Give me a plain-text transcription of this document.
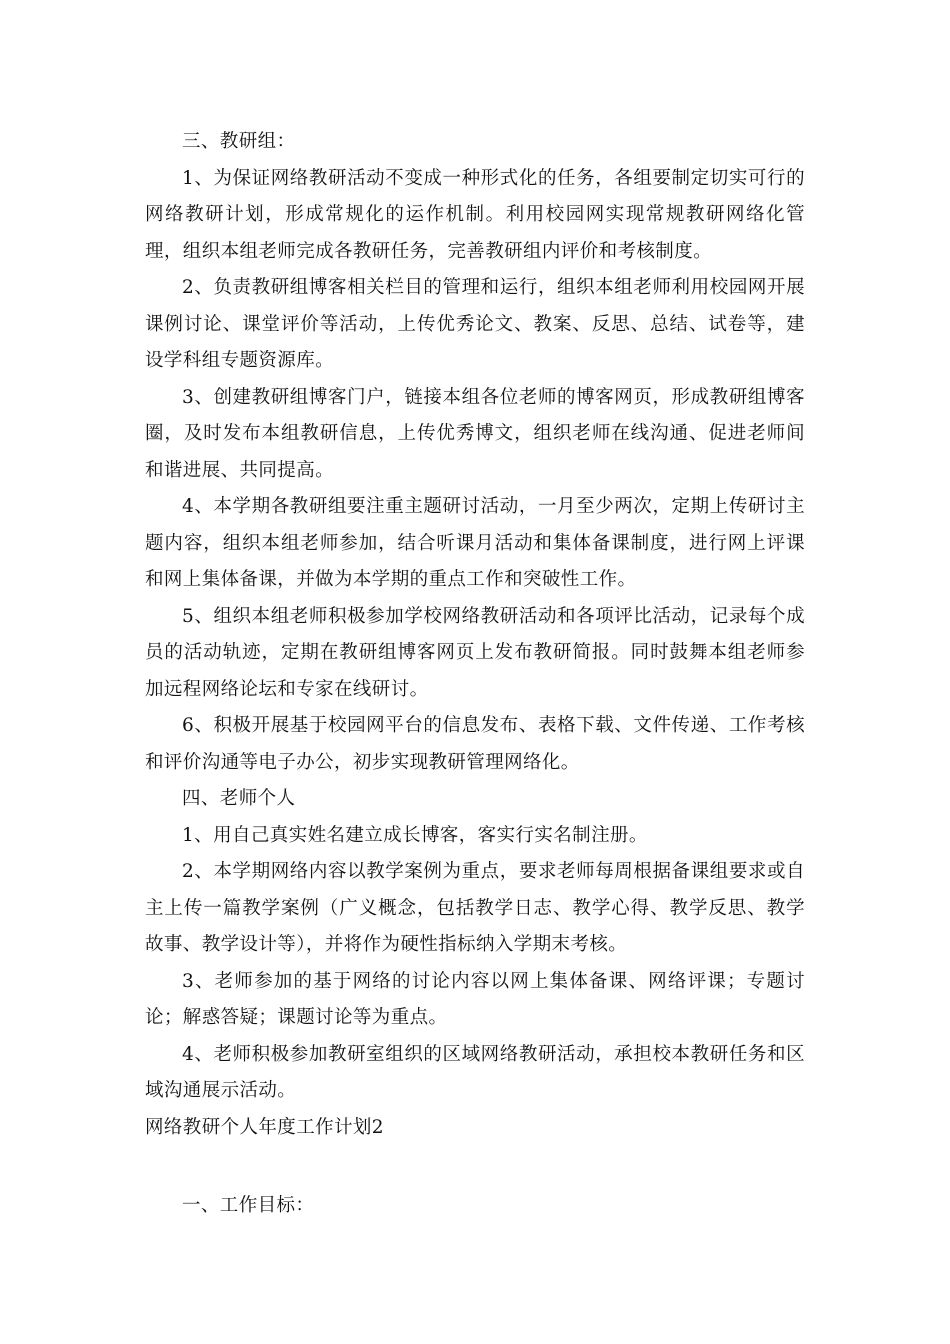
三、教研组：

1、为保证网络教研活动不变成一种形式化的任务，各组要制定切实可行的网络教研计划，形成常规化的运作机制。利用校园网实现常规教研网络化管理，组织本组老师完成各教研任务，完善教研组内评价和考核制度。

2、负责教研组博客相关栏目的管理和运行，组织本组老师利用校园网开展课例讨论、课堂评价等活动，上传优秀论文、教案、反思、总结、试卷等，建设学科组专题资源库。

3、创建教研组博客门户，链接本组各位老师的博客网页，形成教研组博客圈，及时发布本组教研信息，上传优秀博文，组织老师在线沟通、促进老师间和谐进展、共同提高。

4、本学期各教研组要注重主题研讨活动，一月至少两次，定期上传研讨主题内容，组织本组老师参加，结合听课月活动和集体备课制度，进行网上评课和网上集体备课，并做为本学期的重点工作和突破性工作。

5、组织本组老师积极参加学校网络教研活动和各项评比活动，记录每个成员的活动轨迹，定期在教研组博客网页上发布教研简报。同时鼓舞本组老师参加远程网络论坛和专家在线研讨。

6、积极开展基于校园网平台的信息发布、表格下载、文件传递、工作考核和评价沟通等电子办公，初步实现教研管理网络化。

四、老师个人

1、用自己真实姓名建立成长博客，客实行实名制注册。

2、本学期网络内容以教学案例为重点，要求老师每周根据备课组要求或自主上传一篇教学案例（广义概念，包括教学日志、教学心得、教学反思、教学故事、教学设计等），并将作为硬性指标纳入学期末考核。

3、老师参加的基于网络的讨论内容以网上集体备课、网络评课；专题讨论；解惑答疑；课题讨论等为重点。

4、老师积极参加教研室组织的区域网络教研活动，承担校本教研任务和区域沟通展示活动。

网络教研个人年度工作计划2

一、工作目标：
